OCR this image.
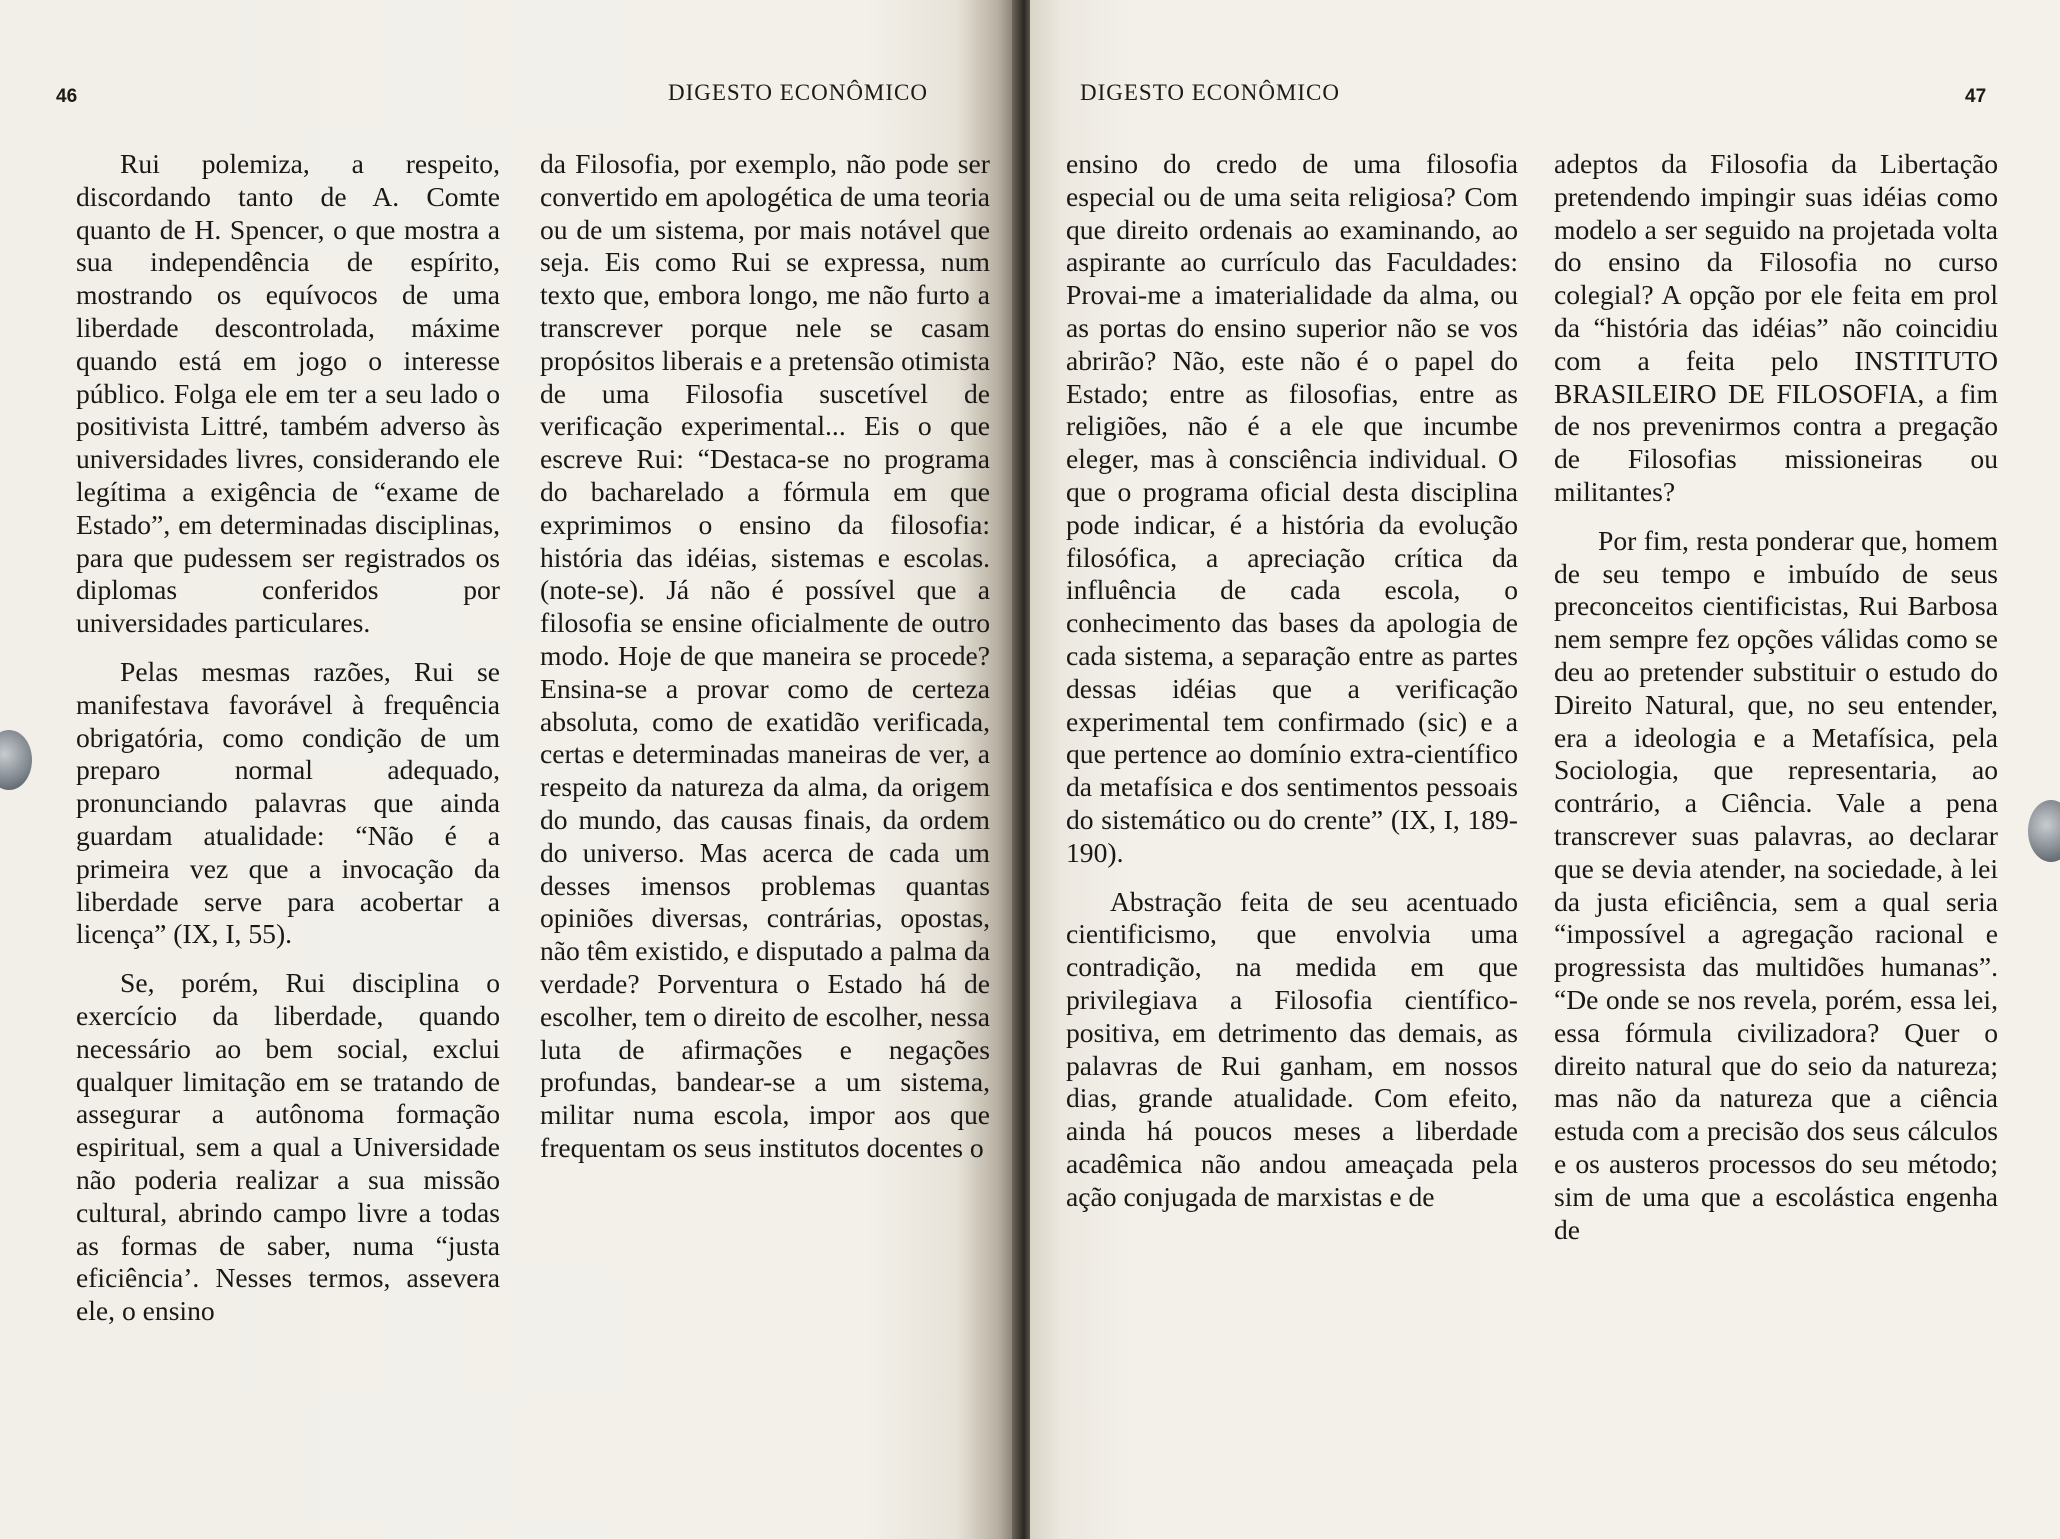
46	DIGESTO ECONÔMICO

Rui polemiza, a respeito, discordando tanto de A. Comte quanto de H. Spencer, o que mostra a sua independência de espírito, mostrando os equívocos de uma liberdade descontrolada, máxime quando está em jogo o interesse público. Folga ele em ter a seu lado o positivista Littré, também adverso às universidades livres, considerando ele legítima a exigência de “exame de Estado”, em determinadas disciplinas, para que pudessem ser registrados os diplomas conferidos por universidades particulares.

Pelas mesmas razões, Rui se manifestava favorável à frequência obrigatória, como condição de um preparo normal adequado, pronunciando palavras que ainda guardam atualidade: “Não é a primeira vez que a invocação da liberdade serve para acobertar a licença” (IX, I, 55).

Se, porém, Rui disciplina o exercício da liberdade, quando necessário ao bem social, exclui qualquer limitação em se tratando de assegurar a autônoma formação espiritual, sem a qual a Universidade não poderia realizar a sua missão cultural, abrindo campo livre a todas as formas de saber, numa “justa eficiência’. Nesses termos, assevera ele, o ensino

da Filosofia, por exemplo, não pode ser convertido em apologética de uma teoria ou de um sistema, por mais notável que seja. Eis como Rui se expressa, num texto que, embora longo, me não furto a transcrever porque nele se casam propósitos liberais e a pretensão otimista de uma Filosofia suscetível de verificação experimental... Eis o que escreve Rui: “Destaca-se no programa do bacharelado a fórmula em que exprimimos o ensino da filosofia: história das idéias, sistemas e escolas. (note-se). Já não é possível que a filosofia se ensine oficialmente de outro modo. Hoje de que maneira se procede? Ensina-se a provar como de certeza absoluta, como de exatidão verificada, certas e determinadas maneiras de ver, a respeito da natureza da alma, da origem do mundo, das causas finais, da ordem do universo. Mas acerca de cada um desses imensos problemas quantas opiniões diversas, contrárias, opostas, não têm existido, e disputado a palma da verdade? Porventura o Estado há de escolher, tem o direito de escolher, nessa luta de afirmações e negações profundas, bandear-se a um sistema, militar numa escola, impor aos que frequentam os seus institutos docentes o

DIGESTO ECONÔMICO	47

ensino do credo de uma filosofia especial ou de uma seita religiosa? Com que direito ordenais ao examinando, ao aspirante ao currículo das Faculdades: Provai-me a imaterialidade da alma, ou as portas do ensino superior não se vos abrirão? Não, este não é o papel do Estado; entre as filosofias, entre as religiões, não é a ele que incumbe eleger, mas à consciência individual. O que o programa oficial desta disciplina pode indicar, é a história da evolução filosófica, a apreciação crítica da influência de cada escola, o conhecimento das bases da apologia de cada sistema, a separação entre as partes dessas idéias que a verificação experimental tem confirmado (sic) e a que pertence ao domínio extra-científico da metafísica e dos sentimentos pessoais do sistemático ou do crente” (IX, I, 189-190).

Abstração feita de seu acentuado cientificismo, que envolvia uma contradição, na medida em que privilegiava a Filosofia científico-positiva, em detrimento das demais, as palavras de Rui ganham, em nossos dias, grande atualidade. Com efeito, ainda há poucos meses a liberdade acadêmica não andou ameaçada pela ação conjugada de marxistas e de

adeptos da Filosofia da Libertação pretendendo impingir suas idéias como modelo a ser seguido na projetada volta do ensino da Filosofia no curso colegial? A opção por ele feita em prol da “história das idéias” não coincidiu com a feita pelo INSTITUTO BRASILEIRO DE FILOSOFIA, a fim de nos prevenirmos contra a pregação de Filosofias missioneiras ou militantes?

Por fim, resta ponderar que, homem de seu tempo e imbuído de seus preconceitos cientificistas, Rui Barbosa nem sempre fez opções válidas como se deu ao pretender substituir o estudo do Direito Natural, que, no seu entender, era a ideologia e a Metafísica, pela Sociologia, que representaria, ao contrário, a Ciência. Vale a pena transcrever suas palavras, ao declarar que se devia atender, na sociedade, à lei da justa eficiência, sem a qual seria “impossível a agregação racional e progressista das multidões humanas”. “De onde se nos revela, porém, essa lei, essa fórmula civilizadora? Quer o direito natural que do seio da natureza; mas não da natureza que a ciência estuda com a precisão dos seus cálculos e os austeros processos do seu método; sim de uma que a escolástica engenha de
